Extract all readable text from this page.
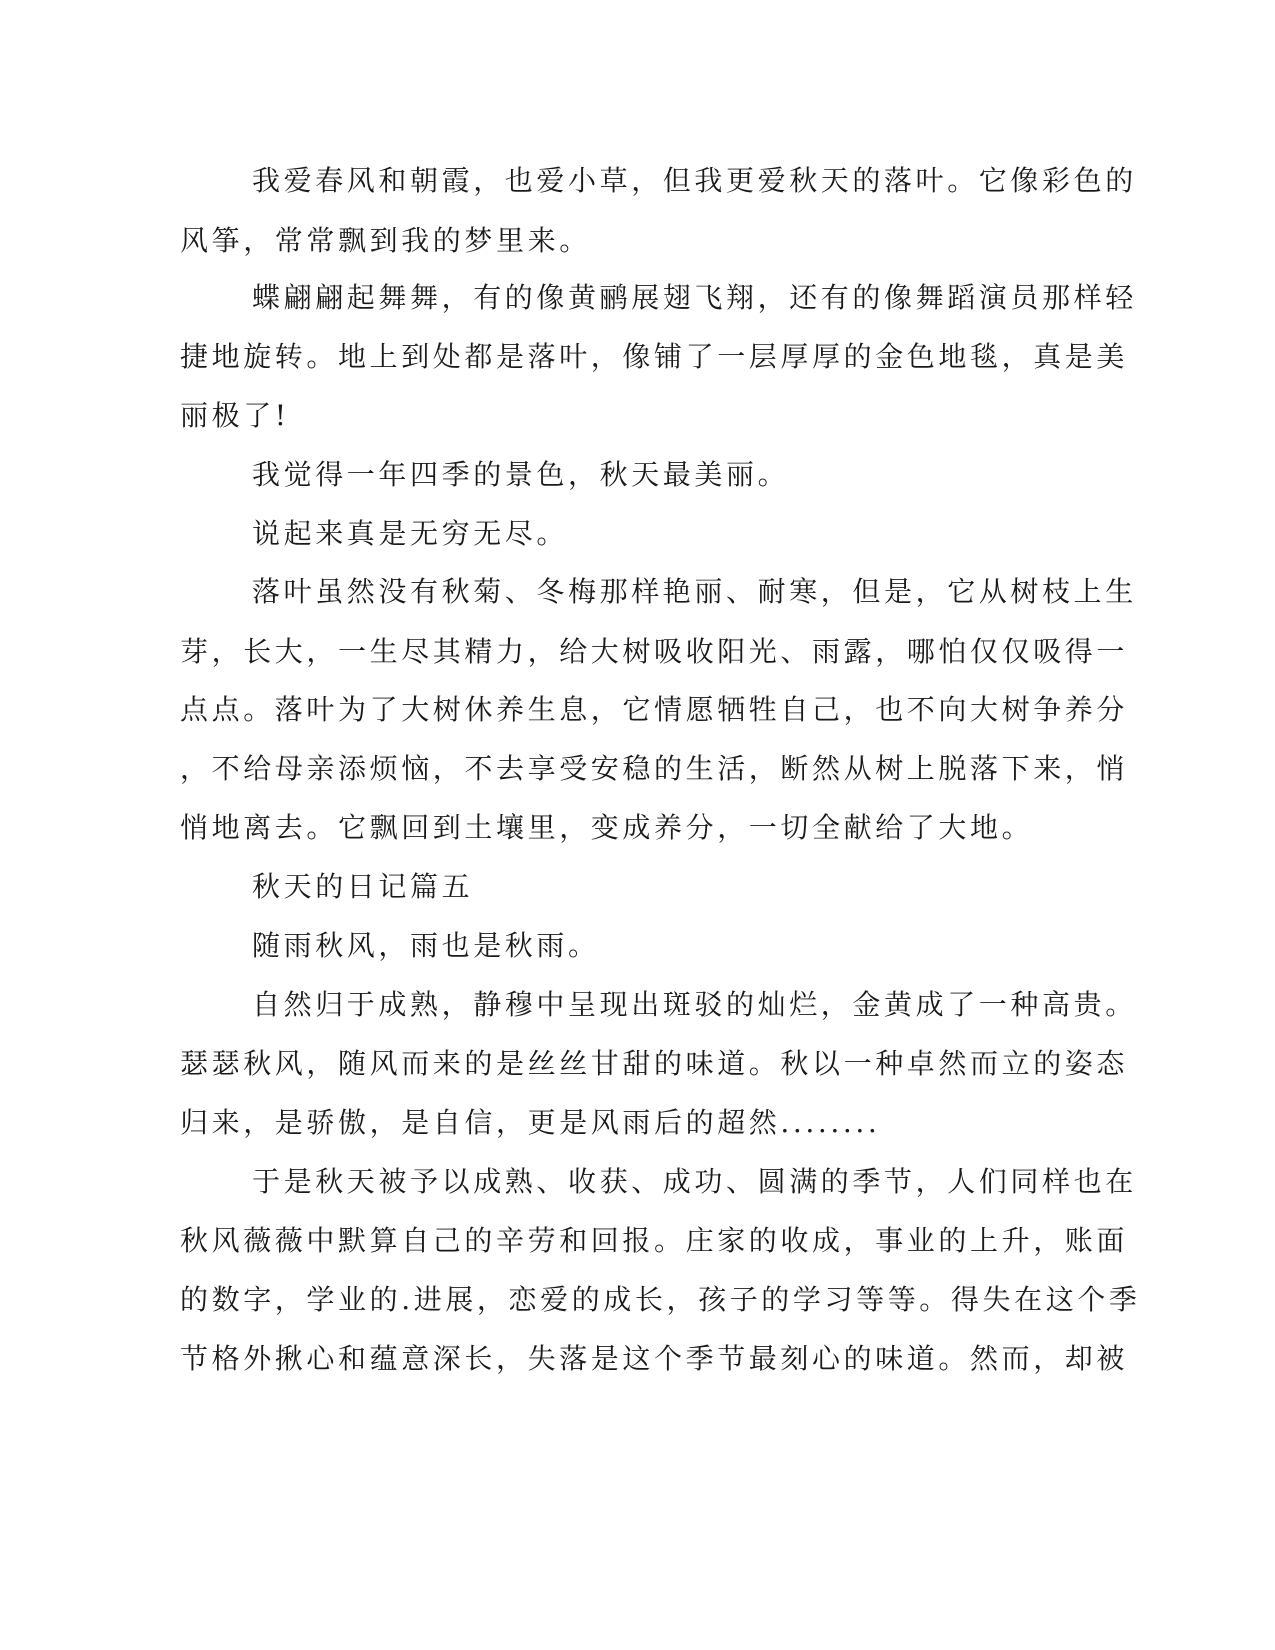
我爱春风和朝霞，也爱小草，但我更爱秋天的落叶。它像彩色的
风筝，常常飘到我的梦里来。
蝶翩翩起舞舞，有的像黄鹂展翅飞翔，还有的像舞蹈演员那样轻
捷地旋转。地上到处都是落叶，像铺了一层厚厚的金色地毯，真是美
丽极了!
我觉得一年四季的景色，秋天最美丽。
说起来真是无穷无尽。
落叶虽然没有秋菊、冬梅那样艳丽、耐寒，但是，它从树枝上生
芽，长大，一生尽其精力，给大树吸收阳光、雨露，哪怕仅仅吸得一
点点。落叶为了大树休养生息，它情愿牺牲自己，也不向大树争养分
，不给母亲添烦恼，不去享受安稳的生活，断然从树上脱落下来，悄
悄地离去。它飘回到土壤里，变成养分，一切全献给了大地。
秋天的日记篇五
随雨秋风，雨也是秋雨。
自然归于成熟，静穆中呈现出斑驳的灿烂，金黄成了一种高贵。
瑟瑟秋风，随风而来的是丝丝甘甜的味道。秋以一种卓然而立的姿态
归来，是骄傲，是自信，更是风雨后的超然........
于是秋天被予以成熟、收获、成功、圆满的季节，人们同样也在
秋风薇薇中默算自己的辛劳和回报。庄家的收成，事业的上升，账面
的数字，学业的.进展，恋爱的成长，孩子的学习等等。得失在这个季
节格外揪心和蕴意深长，失落是这个季节最刻心的味道。然而，却被
